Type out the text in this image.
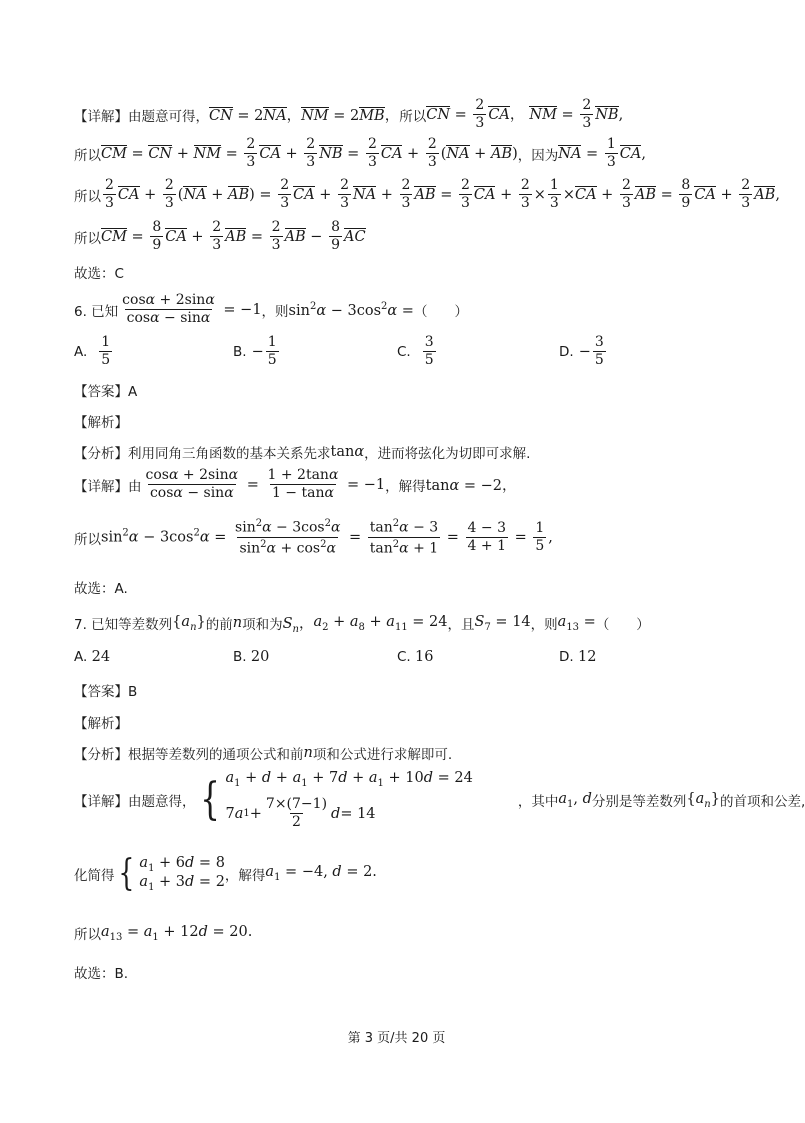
【详解】由题意可得， CN = 2NA，NM = 2MB， 所以 CN = $\frac{2}{3}$ CA， NM = $\frac{2}{3}$ NB,
所以 CM = CN + NM = $\frac{2}{3}$ CA + $\frac{2}{3}$ NB = $\frac{2}{3}$ CA + $\frac{2}{3} (NA + AB)$ ，因为 NA = $\frac{1}{3}$ CA,
所以 $\frac{2}{3}$ CA + $\frac{2}{3} (NA + AB) = \frac{2}{3}$ CA + $\frac{2}{3}$ NA + $\frac{2}{3}$ AB = $\frac{2}{3}$ CA + $\frac{2}{3} \times \frac{1}{3} \times CA + \frac{2}{3}$ AB = $\frac{8}{9}$ CA + $\frac{2}{3}$ AB,
所以 CM = $\frac{8}{9}$ CA + $\frac{2}{3}$ AB = $\frac{2}{3}$ AB − $\frac{8}{9}$ AC
故选：C
6. 已知 $\frac{\cos\alpha + 2\sin\alpha}{\cos\alpha - \sin\alpha} = -1$ ，则 $\sin^2\alpha - 3\cos^2\alpha$ = （　　）
A. $\frac{1}{5}$	B. − $\frac{1}{5}$	C. $\frac{3}{5}$	D. − $\frac{3}{5}$
【答案】A
【解析】
【分析】利用同角三角函数的基本关系先求 tanα ，进而将弦化为切即可求解.
【详解】由 $\frac{\cos\alpha + 2\sin\alpha}{\cos\alpha - \sin\alpha} = \frac{1 + 2\tan\alpha}{1 - \tan\alpha} = -1$ ，解得 tanα = −2，
所以 $\sin^2\alpha - 3\cos^2\alpha = \frac{\sin^2\alpha - 3\cos^2\alpha}{\sin^2\alpha + \cos^2\alpha} = \frac{\tan^2\alpha - 3}{\tan^2\alpha + 1} = \frac{4 - 3}{4 + 1} = \frac{1}{5}$ ,
故选：A.
7. 已知等差数列 $\{a_n\}$ 的前 n 项和为 $S_n$， $a_2 + a_8 + a_{11} = 24$ ，且 $S_7 = 14$ ，则 $a_{13}$ = （　　）
A.
24	B.
20	C.
16	D.
12
【答案】B
【解析】
【分析】根据等差数列的通项公式和前 n 项和公式进行求解即可.
【详解】由题意得， { $a_1 + d + a_1 + 7d + a_1 + 10d = 24$
7 a $1 + \frac{7\times(7-1)}{2}$ d = 14
，其中 $a_1$, d 分别是等差数列 $\{a_n\}$ 的首项和公差,
化简得 { $a_1 + 6d = 8$
$a_1 + 3d = 2$ ，解得 $a_1 = -4$, d = 2.
所以 $a_{13} = a_1 + 12d = 20$.
故选：B.
第 3 页/共 20 页
